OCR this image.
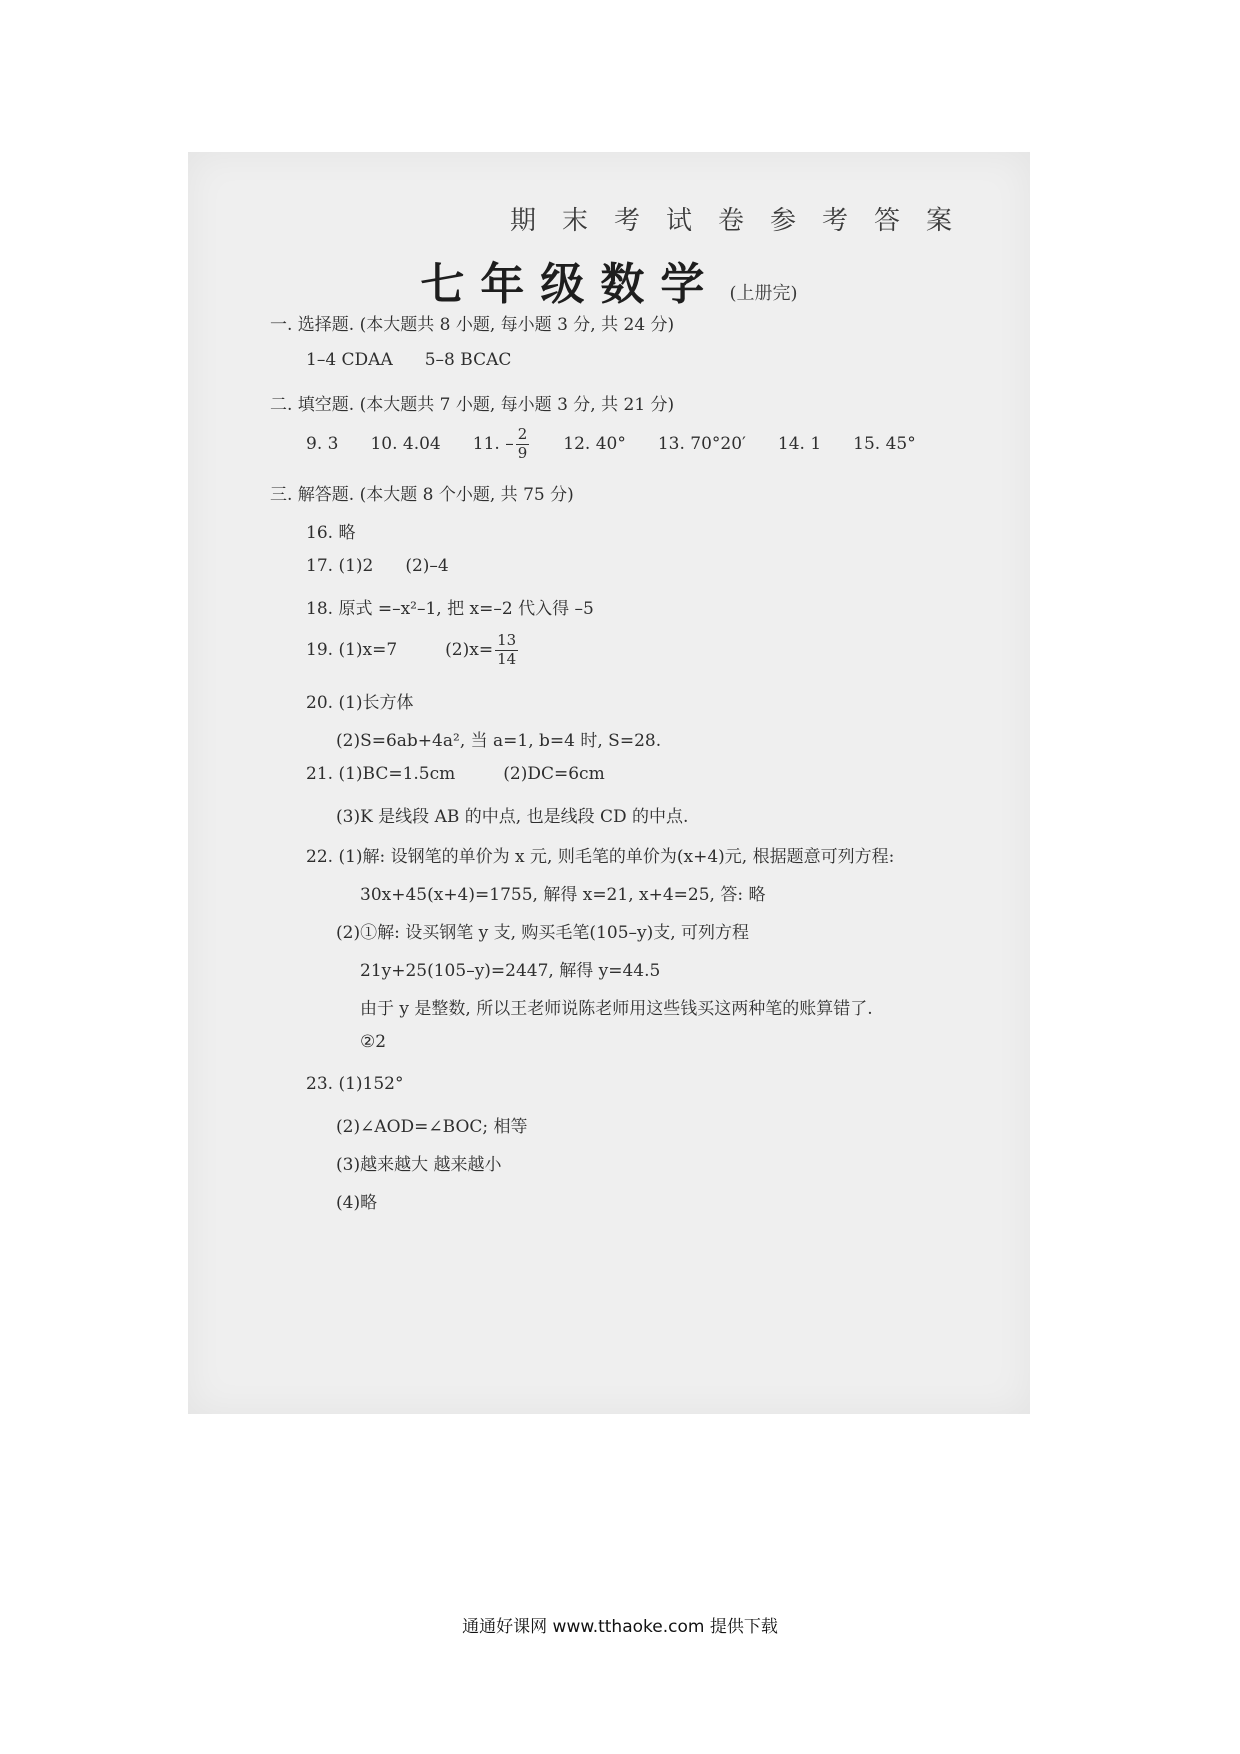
期末考试卷参考答案
七年级数学 (上册完)
一. 选择题. (本大题共 8 小题, 每小题 3 分, 共 24 分)
1–4 CDAA 5–8 BCAC
二. 填空题. (本大题共 7 小题, 每小题 3 分, 共 21 分)
9. 3 10. 4.04 11. – $\frac{2}{9} 12$. 40° 13. 70°20′ 14. 1 15. 45°
三. 解答题. (本大题 8 个小题, 共 75 分)
16. 略
17. (1)2 (2)–4
18. 原式 =–x²–1, 把 x=–2 代入得 –5
19. (1)x=7	$(2)x= \frac{13}{14}$
20. (1)长方体
(2)S=6ab+4a², 当 a=1, b=4 时, S=28.
21. (1)BC=1.5cm	(2)DC=6cm
(3)K 是线段 AB 的中点, 也是线段 CD 的中点.
22. (1)解: 设钢笔的单价为 x 元, 则毛笔的单价为(x+4)元, 根据题意可列方程:
30x+45(x+4)=1755, 解得 x=21, x+4=25, 答: 略
(2)①解: 设买钢笔 y 支, 购买毛笔(105–y)支, 可列方程
21y+25(105–y)=2447, 解得 y=44.5
由于 y 是整数, 所以王老师说陈老师用这些钱买这两种笔的账算错了.
②2
23. (1)152°
(2)∠AOD=∠BOC; 相等
(3)越来越大 越来越小
(4)略
通通好课网 www.tthaoke.com 提供下载
